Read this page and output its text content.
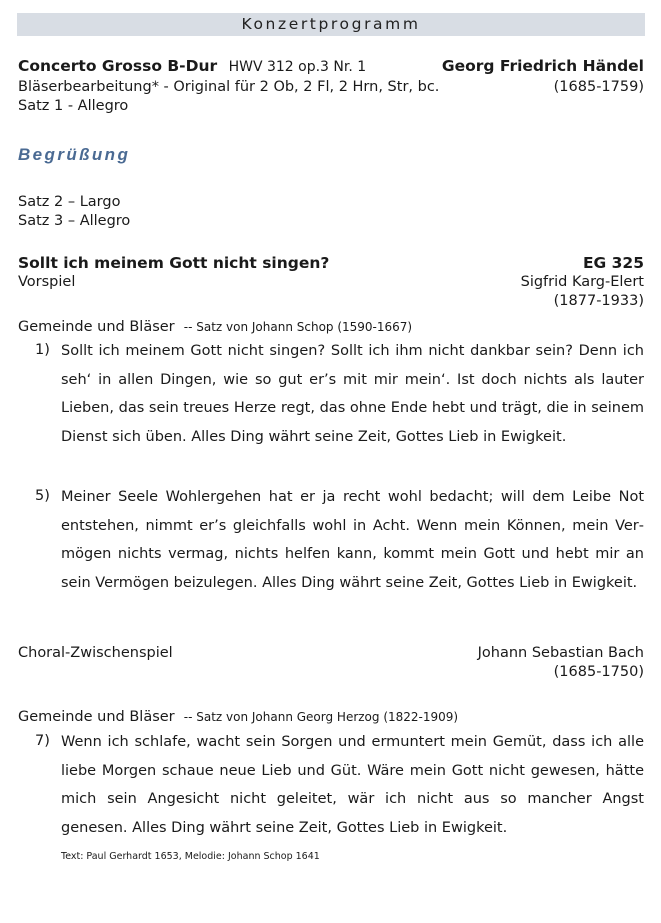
Konzertprogramm
Concerto Grosso B-Dur HWV 312 op.3 Nr. 1	Georg Friedrich Händel
Bläserbearbeitung* - Original für 2 Ob, 2 Fl, 2 Hrn, Str, bc.	(1685-1759)
Satz 1 - Allegro
Begrüßung
Satz 2 – Largo
Satz 3 – Allegro
Sollt ich meinem Gott nicht singen?	EG 325
Vorspiel	Sigfrid Karg-Elert
(1877-1933)
Gemeinde und Bläser -- Satz von Johann Schop (1590-1667)
1) Sollt ich meinem Gott nicht singen? Sollt ich ihm nicht dankbar sein? Denn ich seh‘ in allen Dingen, wie so gut er’s mit mir mein‘. Ist doch nichts als lauter Lieben, das sein treues Herze regt, das ohne Ende hebt und trägt, die in seinem Dienst sich üben. Alles Ding währt seine Zeit, Gottes Lieb in Ewigkeit.
5) Meiner Seele Wohlergehen hat er ja recht wohl bedacht; will dem Leibe Not entstehen, nimmt er’s gleichfalls wohl in Acht. Wenn mein Können, mein Vermögen nichts vermag, nichts helfen kann, kommt mein Gott und hebt mir an sein Vermögen beizulegen. Alles Ding währt seine Zeit, Gottes Lieb in Ewigkeit.
Choral-Zwischenspiel	Johann Sebastian Bach
(1685-1750)
Gemeinde und Bläser -- Satz von Johann Georg Herzog (1822-1909)
7) Wenn ich schlafe, wacht sein Sorgen und ermuntert mein Gemüt, dass ich alle liebe Morgen schaue neue Lieb und Güt. Wäre mein Gott nicht gewesen, hätte mich sein Angesicht nicht geleitet, wär ich nicht aus so mancher Angst genesen. Alles Ding währt seine Zeit, Gottes Lieb in Ewigkeit.
Text: Paul Gerhardt 1653, Melodie: Johann Schop 1641
